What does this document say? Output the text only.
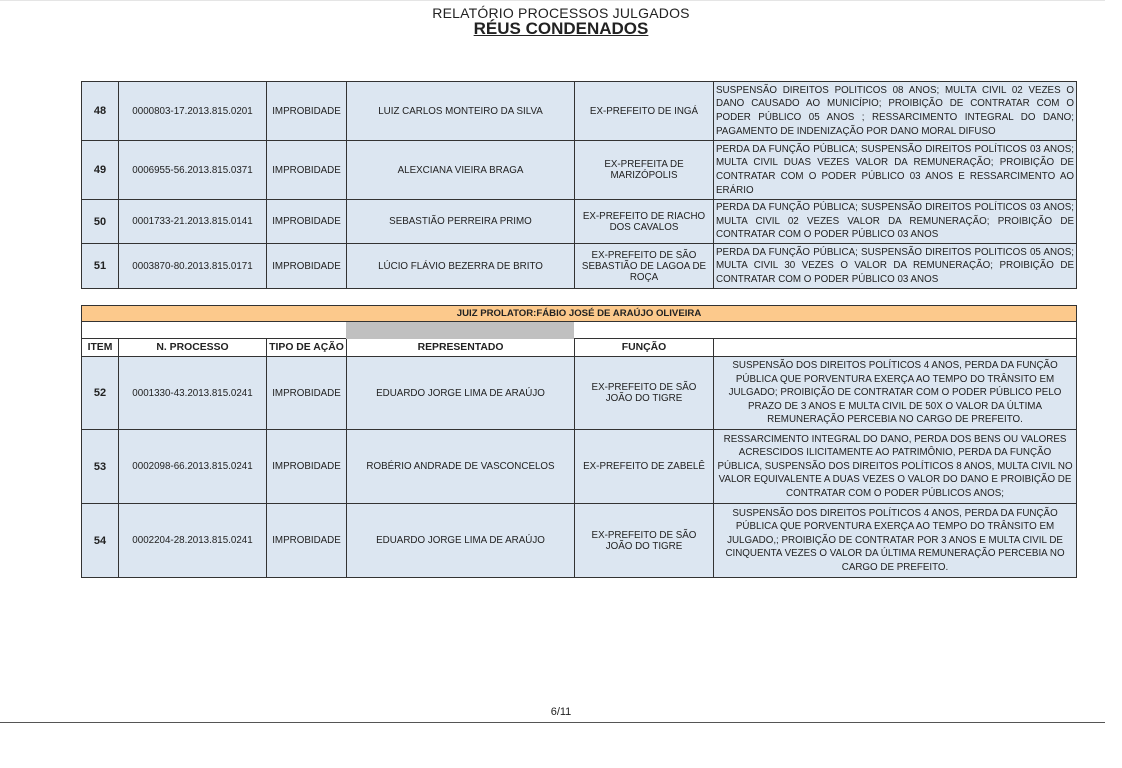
RELATÓRIO PROCESSOS JULGADOS
RÉUS CONDENADOS
48	0000803-17.2013.815.0201	IMPROBIDADE	LUIZ CARLOS MONTEIRO DA SILVA	EX-PREFEITO DE INGÁ	SUSPENSÃO DIREITOS POLITICOS 08 ANOS; MULTA CIVIL 02 VEZES O DANO CAUSADO AO MUNICÍPIO; PROIBIÇÃO DE CONTRATAR COM O PODER PÚBLICO 05 ANOS ; RESSARCIMENTO INTEGRAL DO DANO; PAGAMENTO DE INDENIZAÇÃO POR DANO MORAL DIFUSO
49	0006955-56.2013.815.0371	IMPROBIDADE	ALEXCIANA VIEIRA BRAGA	EX-PREFEITA DE MARIZÓPOLIS	PERDA DA FUNÇÃO PÚBLICA; SUSPENSÃO DIREITOS POLÍTICOS 03 ANOS; MULTA CIVIL DUAS VEZES VALOR DA REMUNERAÇÃO; PROIBIÇÃO DE CONTRATAR COM O PODER PÚBLICO 03 ANOS E RESSARCIMENTO AO ERÁRIO
50	0001733-21.2013.815.0141	IMPROBIDADE	SEBASTIÃO PERREIRA PRIMO	EX-PREFEITO DE RIACHO DOS CAVALOS	PERDA DA FUNÇÃO PÚBLICA; SUSPENSÃO DIREITOS POLÍTICOS 03 ANOS; MULTA CIVIL 02 VEZES VALOR DA REMUNERAÇÃO; PROIBIÇÃO DE CONTRATAR COM O PODER PÚBLICO 03 ANOS
51	0003870-80.2013.815.0171	IMPROBIDADE	LÚCIO FLÁVIO BEZERRA DE BRITO	EX-PREFEITO DE SÃO SEBASTIÃO DE LAGOA DE ROÇA	PERDA DA FUNÇÃO PÚBLICA; SUSPENSÃO DIREITOS POLITICOS 05 ANOS; MULTA CIVIL 30 VEZES O VALOR DA REMUNERAÇÃO; PROIBIÇÃO DE CONTRATAR COM O PODER PÚBLICO 03 ANOS
JUIZ PROLATOR:FÁBIO JOSÉ DE ARAÚJO OLIVEIRA					

ITEM	N. PROCESSO	TIPO DE AÇÃO	REPRESENTADO	FUNÇÃO	
52	0001330-43.2013.815.0241	IMPROBIDADE	EDUARDO JORGE LIMA DE ARAÚJO	EX-PREFEITO DE SÃO JOÃO DO TIGRE	SUSPENSÃO DOS DIREITOS POLÍTICOS 4 ANOS, PERDA DA FUNÇÃO PÚBLICA QUE PORVENTURA EXERÇA AO TEMPO DO TRÂNSITO EM JULGADO; PROIBIÇÃO DE CONTRATAR COM O PODER PÚBLICO PELO PRAZO DE 3 ANOS E MULTA CIVIL DE 50X O VALOR DA ÚLTIMA REMUNERAÇÃO PERCEBIA NO CARGO DE PREFEITO.
53	0002098-66.2013.815.0241	IMPROBIDADE	ROBÉRIO ANDRADE DE VASCONCELOS	EX-PREFEITO DE ZABELÊ	RESSARCIMENTO INTEGRAL DO DANO, PERDA DOS BENS OU VALORES ACRESCIDOS ILICITAMENTE AO PATRIMÔNIO, PERDA DA FUNÇÃO PÚBLICA, SUSPENSÃO DOS DIREITOS POLÍTICOS 8 ANOS, MULTA CIVIL NO VALOR EQUIVALENTE A DUAS VEZES O VALOR DO DANO E PROIBIÇÃO DE CONTRATAR COM O PODER PÚBLICOS ANOS;
54	0002204-28.2013.815.0241	IMPROBIDADE	EDUARDO JORGE LIMA DE ARAÚJO	EX-PREFEITO DE SÃO JOÃO DO TIGRE	SUSPENSÃO DOS DIREITOS POLÍTICOS 4 ANOS, PERDA DA FUNÇÃO PÚBLICA QUE PORVENTURA EXERÇA AO TEMPO DO TRÂNSITO EM JULGADO,; PROIBIÇÃO DE CONTRATAR POR 3 ANOS E MULTA CIVIL DE CINQUENTA VEZES O VALOR DA ÚLTIMA REMUNERAÇÃO PERCEBIA NO CARGO DE PREFEITO.
6/11
